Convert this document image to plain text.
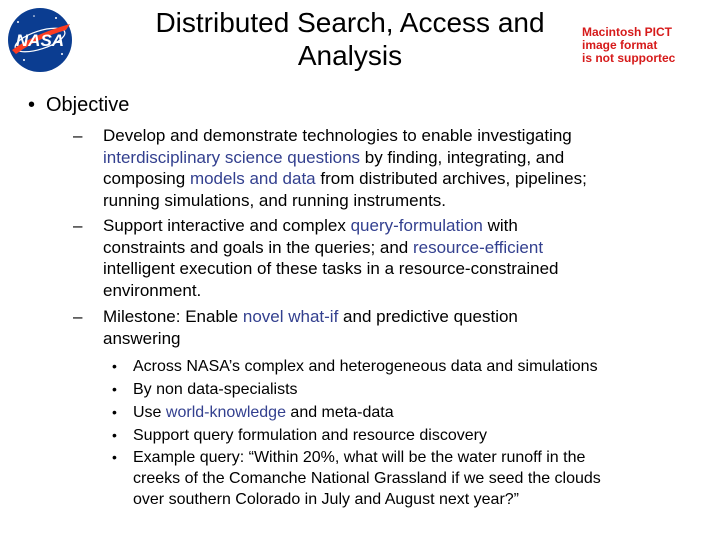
NASA
Distributed Search, Access and
Analysis
Macintosh PICT
image format
is not supportec
• Objective
– Develop and demonstrate technologies to enable investigating
interdisciplinary science questions by finding, integrating, and
composing models and data from distributed archives, pipelines;
running simulations, and running instruments.
– Support interactive and complex query-formulation with
constraints and goals in the queries; and resource-efficient
intelligent execution of these tasks in a resource-constrained
environment.
– Milestone: Enable novel what-if and predictive question
answering
• Across NASA’s complex and heterogeneous data and simulations
• By non data-specialists
• Use world-knowledge and meta-data
• Support query formulation and resource discovery
• Example query: “Within 20%, what will be the water runoff in the
creeks of the Comanche National Grassland if we seed the clouds
over southern Colorado in July and August next year?”
